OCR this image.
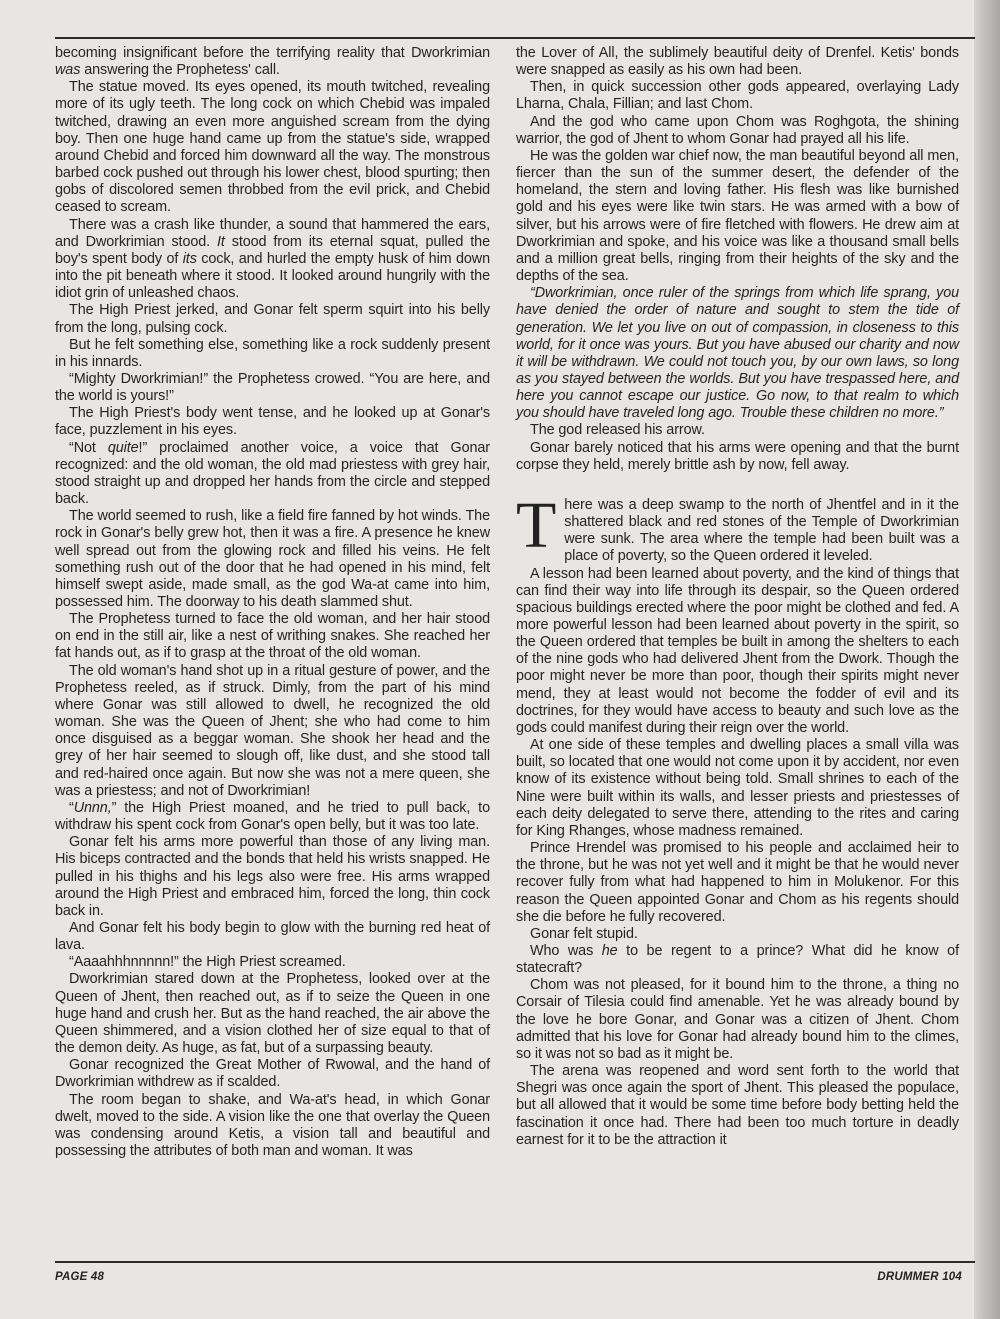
becoming insignificant before the terrifying reality that Dworkrimian was answering the Prophetess' call.

The statue moved. Its eyes opened, its mouth twitched, revealing more of its ugly teeth. The long cock on which Chebid was impaled twitched, drawing an even more anguished scream from the dying boy. Then one huge hand came up from the statue's side, wrapped around Chebid and forced him downward all the way. The monstrous barbed cock pushed out through his lower chest, blood spurting; then gobs of discolored semen throbbed from the evil prick, and Chebid ceased to scream.

There was a crash like thunder, a sound that hammered the ears, and Dworkrimian stood. It stood from its eternal squat, pulled the boy's spent body of its cock, and hurled the empty husk of him down into the pit beneath where it stood. It looked around hungrily with the idiot grin of unleashed chaos.

The High Priest jerked, and Gonar felt sperm squirt into his belly from the long, pulsing cock.

But he felt something else, something like a rock suddenly present in his innards.

“Mighty Dworkrimian!” the Prophetess crowed. “You are here, and the world is yours!”

The High Priest's body went tense, and he looked up at Gonar's face, puzzlement in his eyes.

“Not quite!” proclaimed another voice, a voice that Gonar recognized: and the old woman, the old mad priestess with grey hair, stood straight up and dropped her hands from the circle and stepped back.

The world seemed to rush, like a field fire fanned by hot winds. The rock in Gonar's belly grew hot, then it was a fire. A presence he knew well spread out from the glowing rock and filled his veins. He felt something rush out of the door that he had opened in his mind, felt himself swept aside, made small, as the god Wa-at came into him, possessed him. The doorway to his death slammed shut.

The Prophetess turned to face the old woman, and her hair stood on end in the still air, like a nest of writhing snakes. She reached her fat hands out, as if to grasp at the throat of the old woman.

The old woman's hand shot up in a ritual gesture of power, and the Prophetess reeled, as if struck. Dimly, from the part of his mind where Gonar was still allowed to dwell, he recognized the old woman. She was the Queen of Jhent; she who had come to him once disguised as a beggar woman. She shook her head and the grey of her hair seemed to slough off, like dust, and she stood tall and red-haired once again. But now she was not a mere queen, she was a priestess; and not of Dworkrimian!

“Unnn,” the High Priest moaned, and he tried to pull back, to withdraw his spent cock from Gonar's open belly, but it was too late.

Gonar felt his arms more powerful than those of any living man. His biceps contracted and the bonds that held his wrists snapped. He pulled in his thighs and his legs also were free. His arms wrapped around the High Priest and embraced him, forced the long, thin cock back in.

And Gonar felt his body begin to glow with the burning red heat of lava.

“Aaaahhhnnnnn!” the High Priest screamed.

Dworkrimian stared down at the Prophetess, looked over at the Queen of Jhent, then reached out, as if to seize the Queen in one huge hand and crush her. But as the hand reached, the air above the Queen shimmered, and a vision clothed her of size equal to that of the demon deity. As huge, as fat, but of a surpassing beauty.

Gonar recognized the Great Mother of Rwowal, and the hand of Dworkrimian withdrew as if scalded.

The room began to shake, and Wa-at's head, in which Gonar dwelt, moved to the side. A vision like the one that overlay the Queen was condensing around Ketis, a vision tall and beautiful and possessing the attributes of both man and woman. It was

the Lover of All, the sublimely beautiful deity of Drenfel. Ketis' bonds were snapped as easily as his own had been.

Then, in quick succession other gods appeared, overlaying Lady Lharna, Chala, Fillian; and last Chom.

And the god who came upon Chom was Roghgota, the shining warrior, the god of Jhent to whom Gonar had prayed all his life.

He was the golden war chief now, the man beautiful beyond all men, fiercer than the sun of the summer desert, the defender of the homeland, the stern and loving father. His flesh was like burnished gold and his eyes were like twin stars. He was armed with a bow of silver, but his arrows were of fire fletched with flowers. He drew aim at Dworkrimian and spoke, and his voice was like a thousand small bells and a million great bells, ringing from their heights of the sky and the depths of the sea.

“Dworkrimian, once ruler of the springs from which life sprang, you have denied the order of nature and sought to stem the tide of generation. We let you live on out of compassion, in closeness to this world, for it once was yours. But you have abused our charity and now it will be withdrawn. We could not touch you, by our own laws, so long as you stayed between the worlds. But you have trespassed here, and here you cannot escape our justice. Go now, to that realm to which you should have traveled long ago. Trouble these children no more.”

The god released his arrow.

Gonar barely noticed that his arms were opening and that the burnt corpse they held, merely brittle ash by now, fell away.

There was a deep swamp to the north of Jhentfel and in it the shattered black and red stones of the Temple of Dworkrimian were sunk. The area where the temple had been built was a place of poverty, so the Queen ordered it leveled.

A lesson had been learned about poverty, and the kind of things that can find their way into life through its despair, so the Queen ordered spacious buildings erected where the poor might be clothed and fed. A more powerful lesson had been learned about poverty in the spirit, so the Queen ordered that temples be built in among the shelters to each of the nine gods who had delivered Jhent from the Dwork. Though the poor might never be more than poor, though their spirits might never mend, they at least would not become the fodder of evil and its doctrines, for they would have access to beauty and such love as the gods could manifest during their reign over the world.

At one side of these temples and dwelling places a small villa was built, so located that one would not come upon it by accident, nor even know of its existence without being told. Small shrines to each of the Nine were built within its walls, and lesser priests and priestesses of each deity delegated to serve there, attending to the rites and caring for King Rhanges, whose madness remained.

Prince Hrendel was promised to his people and acclaimed heir to the throne, but he was not yet well and it might be that he would never recover fully from what had happened to him in Molukenor. For this reason the Queen appointed Gonar and Chom as his regents should she die before he fully recovered.

Gonar felt stupid.

Who was he to be regent to a prince? What did he know of statecraft?

Chom was not pleased, for it bound him to the throne, a thing no Corsair of Tilesia could find amenable. Yet he was already bound by the love he bore Gonar, and Gonar was a citizen of Jhent. Chom admitted that his love for Gonar had already bound him to the climes, so it was not so bad as it might be.

The arena was reopened and word sent forth to the world that Shegri was once again the sport of Jhent. This pleased the populace, but all allowed that it would be some time before body betting held the fascination it once had. There had been too much torture in deadly earnest for it to be the attraction it

PAGE 48	DRUMMER 104
